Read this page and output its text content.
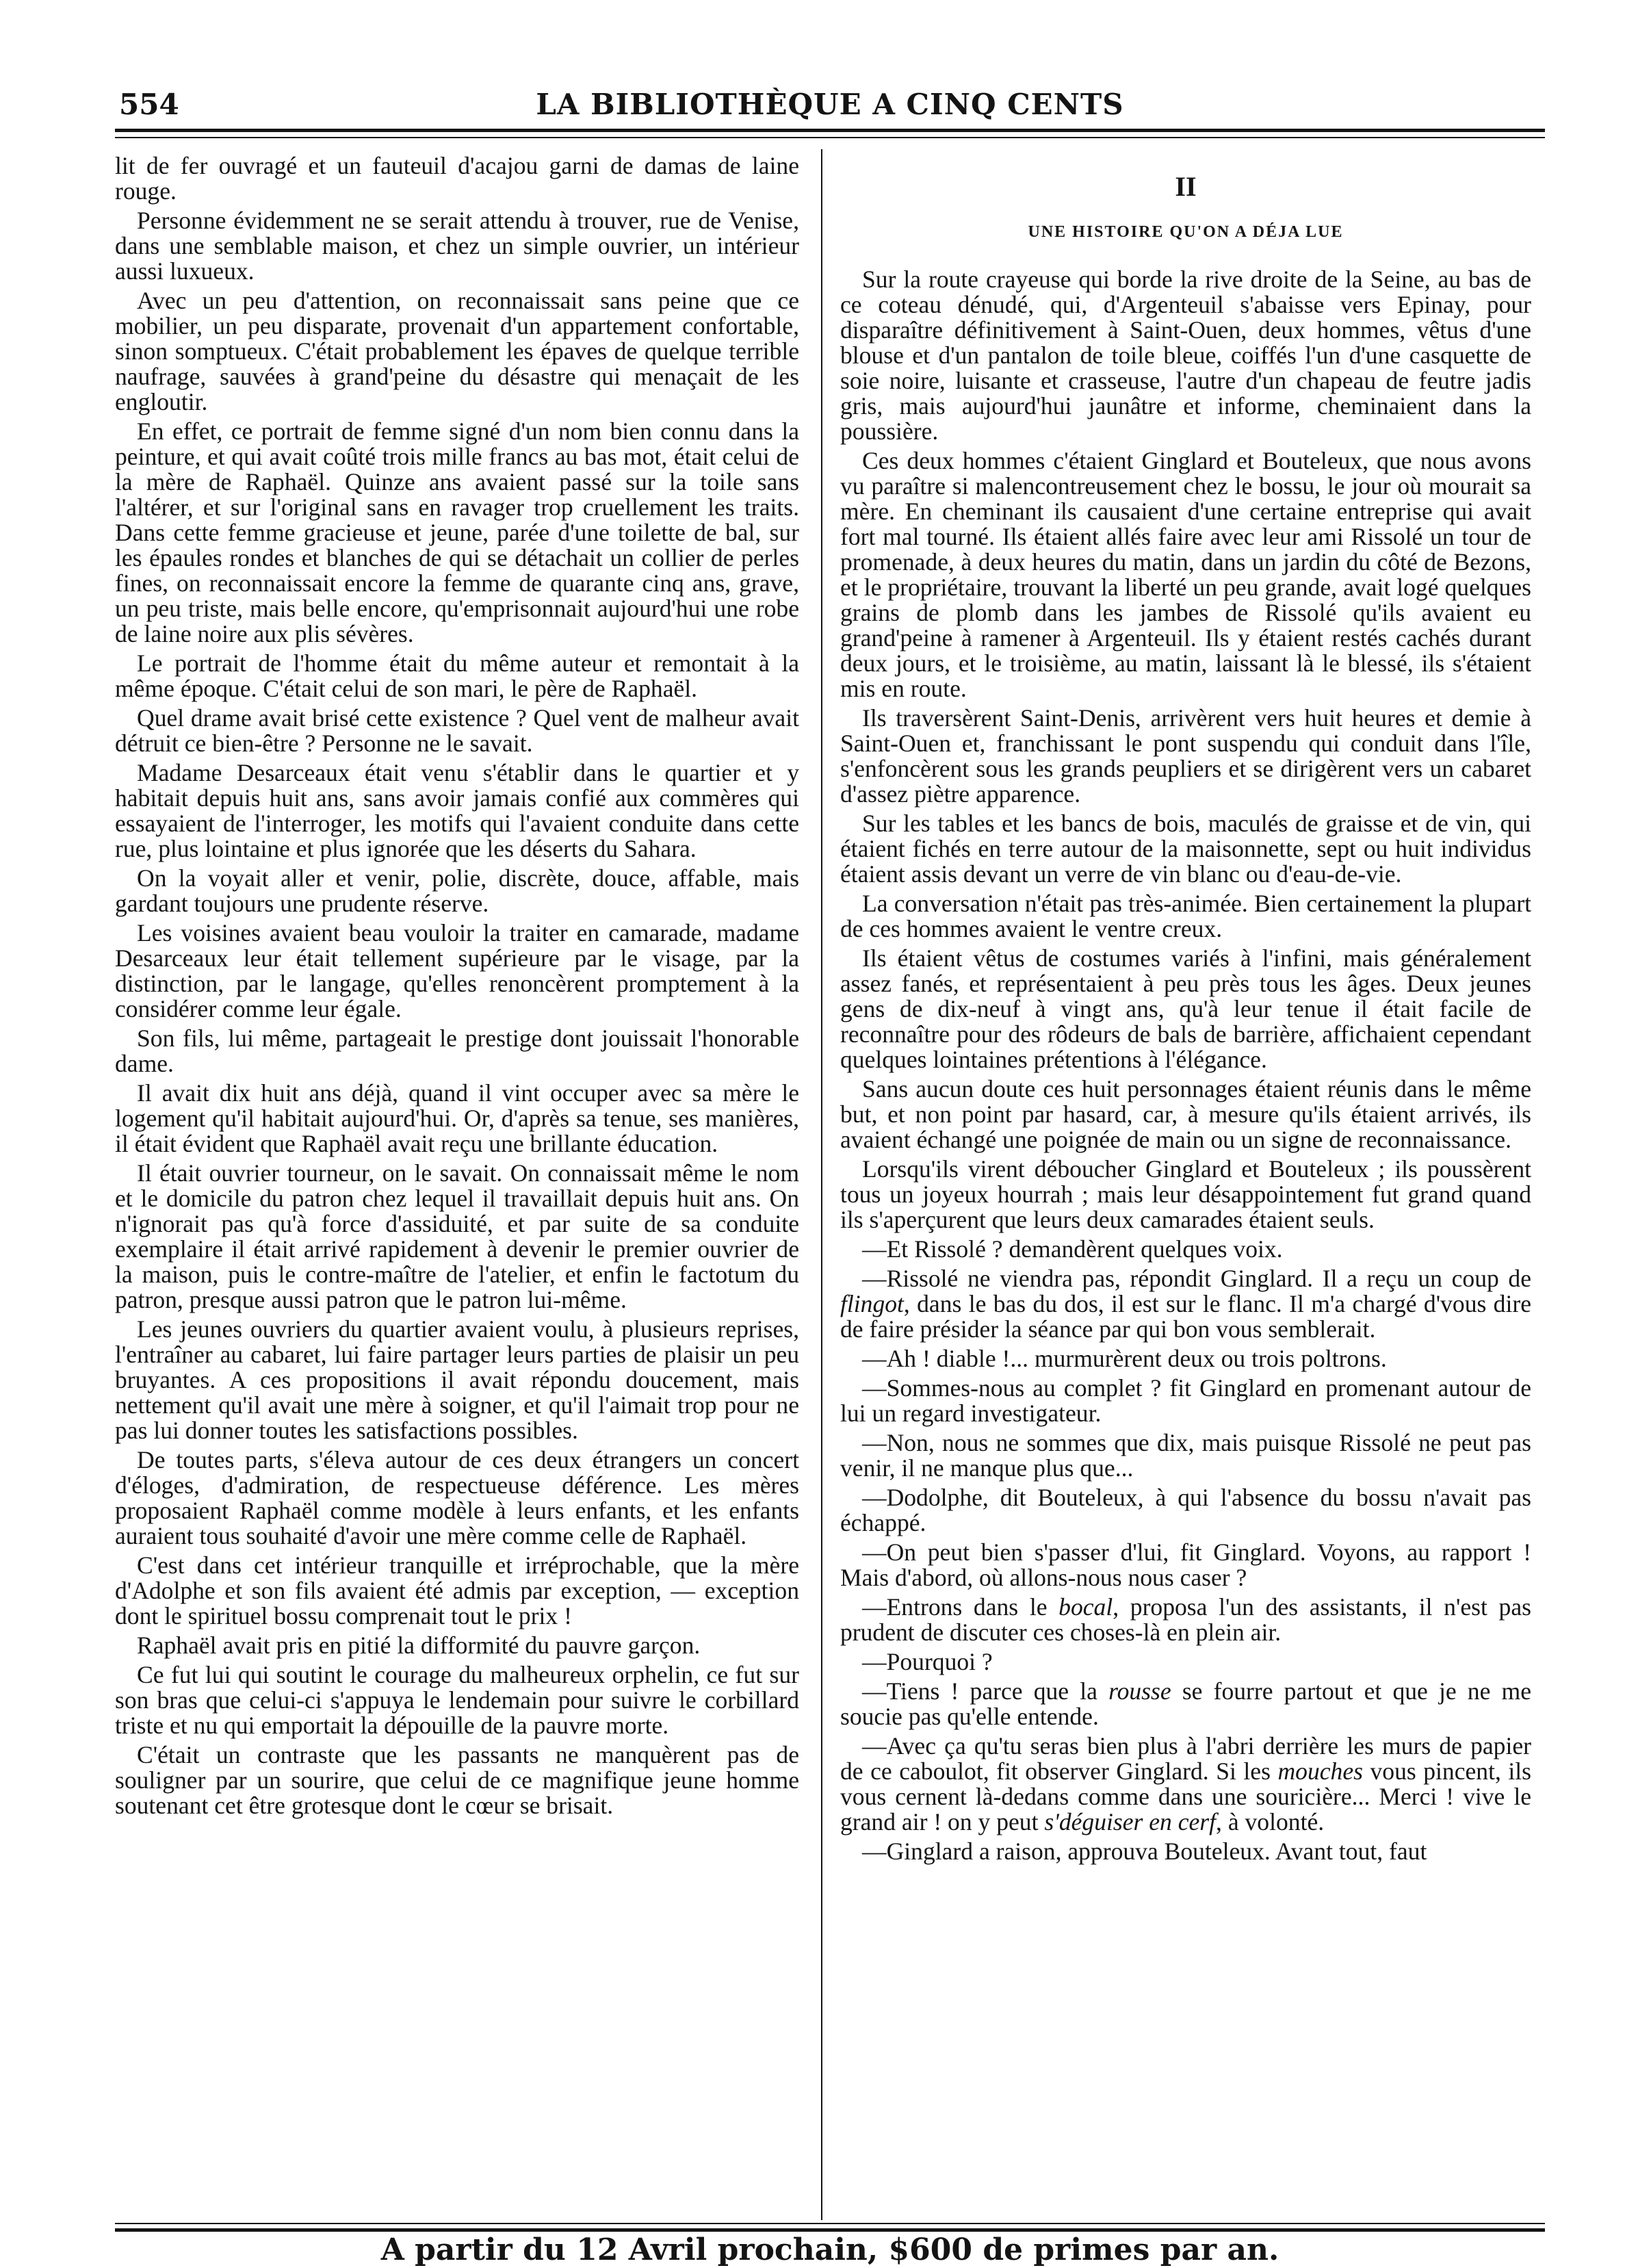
554	LA BIBLIOTHÈQUE A CINQ CENTS

lit de fer ouvragé et un fauteuil d'acajou garni de damas de laine rouge.

Personne évidemment ne se serait attendu à trouver, rue de Venise, dans une semblable maison, et chez un simple ouvrier, un intérieur aussi luxueux.

Avec un peu d'attention, on reconnaissait sans peine que ce mobilier, un peu disparate, provenait d'un appartement confortable, sinon somptueux. C'était probablement les épaves de quelque terrible naufrage, sauvées à grand'peine du désastre qui menaçait de les engloutir.

En effet, ce portrait de femme signé d'un nom bien connu dans la peinture, et qui avait coûté trois mille francs au bas mot, était celui de la mère de Raphaël. Quinze ans avaient passé sur la toile sans l'altérer, et sur l'original sans en ravager trop cruellement les traits. Dans cette femme gracieuse et jeune, parée d'une toilette de bal, sur les épaules rondes et blanches de qui se détachait un collier de perles fines, on reconnaissait encore la femme de quarante cinq ans, grave, un peu triste, mais belle encore, qu'emprisonnait aujourd'hui une robe de laine noire aux plis sévères.

Le portrait de l'homme était du même auteur et remontait à la même époque. C'était celui de son mari, le père de Raphaël.

Quel drame avait brisé cette existence ? Quel vent de malheur avait détruit ce bien-être ? Personne ne le savait.

Madame Desarceaux était venu s'établir dans le quartier et y habitait depuis huit ans, sans avoir jamais confié aux commères qui essayaient de l'interroger, les motifs qui l'avaient conduite dans cette rue, plus lointaine et plus ignorée que les déserts du Sahara.

On la voyait aller et venir, polie, discrète, douce, affable, mais gardant toujours une prudente réserve.

Les voisines avaient beau vouloir la traiter en camarade, madame Desarceaux leur était tellement supérieure par le visage, par la distinction, par le langage, qu'elles renoncèrent promptement à la considérer comme leur égale.

Son fils, lui même, partageait le prestige dont jouissait l'honorable dame.

Il avait dix huit ans déjà, quand il vint occuper avec sa mère le logement qu'il habitait aujourd'hui. Or, d'après sa tenue, ses manières, il était évident que Raphaël avait reçu une brillante éducation.

Il était ouvrier tourneur, on le savait. On connaissait même le nom et le domicile du patron chez lequel il travaillait depuis huit ans. On n'ignorait pas qu'à force d'assiduité, et par suite de sa conduite exemplaire il était arrivé rapidement à devenir le premier ouvrier de la maison, puis le contre-maître de l'atelier, et enfin le factotum du patron, presque aussi patron que le patron lui-même.

Les jeunes ouvriers du quartier avaient voulu, à plusieurs reprises, l'entraîner au cabaret, lui faire partager leurs parties de plaisir un peu bruyantes. A ces propositions il avait répondu doucement, mais nettement qu'il avait une mère à soigner, et qu'il l'aimait trop pour ne pas lui donner toutes les satisfactions possibles.

De toutes parts, s'éleva autour de ces deux étrangers un concert d'éloges, d'admiration, de respectueuse déférence. Les mères proposaient Raphaël comme modèle à leurs enfants, et les enfants auraient tous souhaité d'avoir une mère comme celle de Raphaël.

C'est dans cet intérieur tranquille et irréprochable, que la mère d'Adolphe et son fils avaient été admis par exception, — exception dont le spirituel bossu comprenait tout le prix !

Raphaël avait pris en pitié la difformité du pauvre garçon.

Ce fut lui qui soutint le courage du malheureux orphelin, ce fut sur son bras que celui-ci s'appuya le lendemain pour suivre le corbillard triste et nu qui emportait la dépouille de la pauvre morte.

C'était un contraste que les passants ne manquèrent pas de souligner par un sourire, que celui de ce magnifique jeune homme soutenant cet être grotesque dont le cœur se brisait.

II
UNE HISTOIRE QU'ON A DÉJA LUE

Sur la route crayeuse qui borde la rive droite de la Seine, au bas de ce coteau dénudé, qui, d'Argenteuil s'abaisse vers Epinay, pour disparaître définitivement à Saint-Ouen, deux hommes, vêtus d'une blouse et d'un pantalon de toile bleue, coiffés l'un d'une casquette de soie noire, luisante et crasseuse, l'autre d'un chapeau de feutre jadis gris, mais aujourd'hui jaunâtre et informe, cheminaient dans la poussière.

Ces deux hommes c'étaient Ginglard et Bouteleux, que nous avons vu paraître si malencontreusement chez le bossu, le jour où mourait sa mère. En cheminant ils causaient d'une certaine entreprise qui avait fort mal tourné. Ils étaient allés faire avec leur ami Rissolé un tour de promenade, à deux heures du matin, dans un jardin du côté de Bezons, et le propriétaire, trouvant la liberté un peu grande, avait logé quelques grains de plomb dans les jambes de Rissolé qu'ils avaient eu grand'peine à ramener à Argenteuil. Ils y étaient restés cachés durant deux jours, et le troisième, au matin, laissant là le blessé, ils s'étaient mis en route.

Ils traversèrent Saint-Denis, arrivèrent vers huit heures et demie à Saint-Ouen et, franchissant le pont suspendu qui conduit dans l'île, s'enfoncèrent sous les grands peupliers et se dirigèrent vers un cabaret d'assez piètre apparence.

Sur les tables et les bancs de bois, maculés de graisse et de vin, qui étaient fichés en terre autour de la maisonnette, sept ou huit individus étaient assis devant un verre de vin blanc ou d'eau-de-vie.

La conversation n'était pas très-animée. Bien certainement la plupart de ces hommes avaient le ventre creux.

Ils étaient vêtus de costumes variés à l'infini, mais généralement assez fanés, et représentaient à peu près tous les âges. Deux jeunes gens de dix-neuf à vingt ans, qu'à leur tenue il était facile de reconnaître pour des rôdeurs de bals de barrière, affichaient cependant quelques lointaines prétentions à l'élégance.

Sans aucun doute ces huit personnages étaient réunis dans le même but, et non point par hasard, car, à mesure qu'ils étaient arrivés, ils avaient échangé une poignée de main ou un signe de reconnaissance.

Lorsqu'ils virent déboucher Ginglard et Bouteleux ; ils poussèrent tous un joyeux hourrah ; mais leur désappointement fut grand quand ils s'aperçurent que leurs deux camarades étaient seuls.

—Et Rissolé ? demandèrent quelques voix.

—Rissolé ne viendra pas, répondit Ginglard. Il a reçu un coup de flingot, dans le bas du dos, il est sur le flanc. Il m'a chargé d'vous dire de faire présider la séance par qui bon vous semblerait.

—Ah ! diable !... murmurèrent deux ou trois poltrons.

—Sommes-nous au complet ? fit Ginglard en promenant autour de lui un regard investigateur.

—Non, nous ne sommes que dix, mais puisque Rissolé ne peut pas venir, il ne manque plus que...

—Dodolphe, dit Bouteleux, à qui l'absence du bossu n'avait pas échappé.

—On peut bien s'passer d'lui, fit Ginglard. Voyons, au rapport ! Mais d'abord, où allons-nous nous caser ?

—Entrons dans le bocal, proposa l'un des assistants, il n'est pas prudent de discuter ces choses-là en plein air.

—Pourquoi ?

—Tiens ! parce que la rousse se fourre partout et que je ne me soucie pas qu'elle entende.

—Avec ça qu'tu seras bien plus à l'abri derrière les murs de papier de ce caboulot, fit observer Ginglard. Si les mouches vous pincent, ils vous cernent là-dedans comme dans une souricière... Merci ! vive le grand air ! on y peut s'déguiser en cerf, à volonté.

—Ginglard a raison, approuva Bouteleux. Avant tout, faut

A partir du 12 Avril prochain, $600 de primes par an.
